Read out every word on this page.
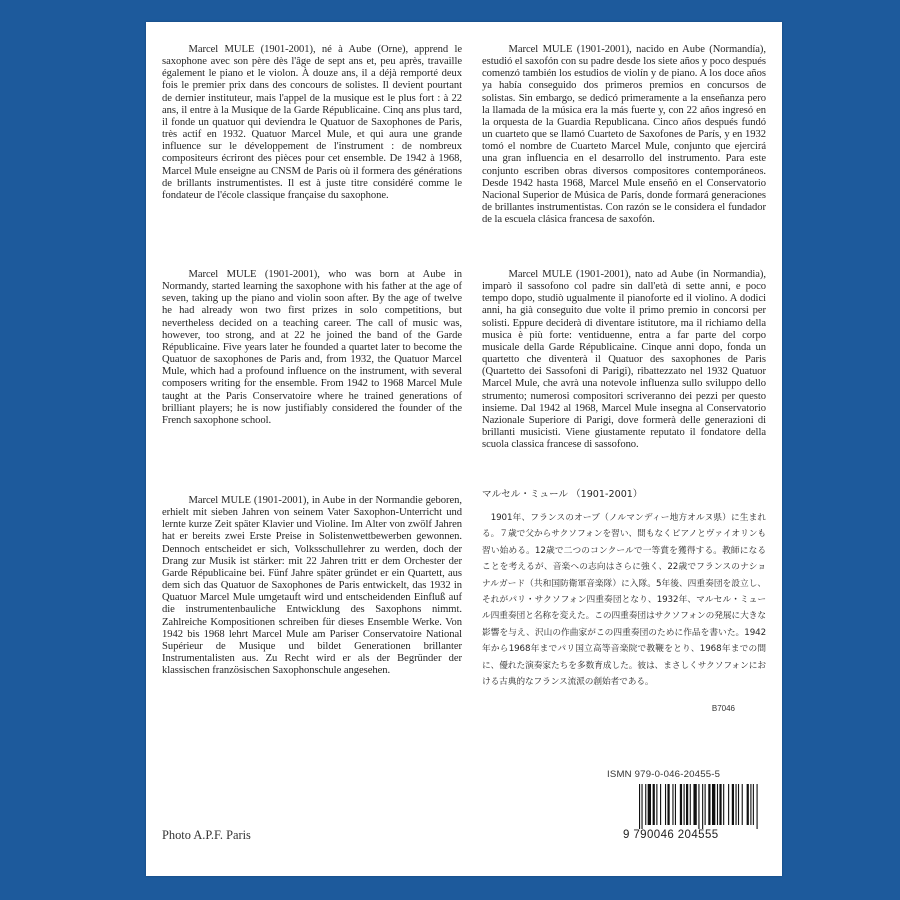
Marcel MULE (1901-2001), né à Aube (Orne), apprend le saxophone avec son père dès l'âge de sept ans et, peu après, travaille également le piano et le violon. À douze ans, il a déjà remporté deux fois le premier prix dans des concours de solistes. Il devient pourtant de dernier instituteur, mais l'appel de la musique est le plus fort : à 22 ans, il entre à la Musique de la Garde Républicaine. Cinq ans plus tard, il fonde un quatuor qui deviendra le Quatuor de Saxophones de Paris, très actif en 1932. Quatuor Marcel Mule, et qui aura une grande influence sur le développement de l'instrument : de nombreux compositeurs écriront des pièces pour cet ensemble. De 1942 à 1968, Marcel Mule enseigne au CNSM de Paris où il formera des générations de brillants instrumentistes. Il est à juste titre considéré comme le fondateur de l'école classique française du saxophone.

Marcel MULE (1901-2001), who was born at Aube in Normandy, started learning the saxophone with his father at the age of seven, taking up the piano and violin soon after. By the age of twelve he had already won two first prizes in solo competitions, but nevertheless decided on a teaching career. The call of music was, however, too strong, and at 22 he joined the band of the Garde Républicaine. Five years later he founded a quartet later to become the Quatuor de saxophones de Paris and, from 1932, the Quatuor Marcel Mule, which had a profound influence on the instrument, with several composers writing for the ensemble. From 1942 to 1968 Marcel Mule taught at the Paris Conservatoire where he trained generations of brilliant players; he is now justifiably considered the founder of the French saxophone school.

Marcel MULE (1901-2001), in Aube in der Normandie geboren, erhielt mit sieben Jahren von seinem Vater Saxophon-Unterricht und lernte kurze Zeit später Klavier und Violine. Im Alter von zwölf Jahren hat er bereits zwei Erste Preise in Solistenwettbewerben gewonnen. Dennoch entscheidet er sich, Volksschullehrer zu werden, doch der Drang zur Musik ist stärker: mit 22 Jahren tritt er dem Orchester der Garde Républicaine bei. Fünf Jahre später gründet er ein Quartett, aus dem sich das Quatuor de Saxophones de Paris entwickelt, das 1932 in Quatuor Marcel Mule umgetauft wird und entscheidenden Einfluß auf die instrumentenbauliche Entwicklung des Saxophons nimmt. Zahlreiche Kompositionen schreiben für dieses Ensemble Werke. Von 1942 bis 1968 lehrt Marcel Mule am Pariser Conservatoire National Supérieur de Musique und bildet Generationen brillanter Instrumentalisten aus. Zu Recht wird er als der Begründer der klassischen französischen Saxophonschule angesehen.

Marcel MULE (1901-2001), nacido en Aube (Normandía), estudió el saxofón con su padre desde los siete años y poco después comenzó también los estudios de violín y de piano. A los doce años ya había conseguido dos primeros premios en concursos de solistas. Sin embargo, se dedicó primeramente a la enseñanza pero la llamada de la música era la más fuerte y, con 22 años ingresó en la orquesta de la Guardia Republicana. Cinco años después fundó un cuarteto que se llamó Cuarteto de Saxofones de París, y en 1932 tomó el nombre de Cuarteto Marcel Mule, conjunto que ejercirá una gran influencia en el desarrollo del instrumento. Para este conjunto escriben obras diversos compositores contemporáneos. Desde 1942 hasta 1968, Marcel Mule enseñó en el Conservatorio Nacional Superior de Música de París, donde formará generaciones de brillantes instrumentistas. Con razón se le considera el fundador de la escuela clásica francesa de saxofón.

Marcel MULE (1901-2001), nato ad Aube (in Normandia), imparò il sassofono col padre sin dall'età di sette anni, e poco tempo dopo, studiò ugualmente il pianoforte ed il violino. A dodici anni, ha già conseguito due volte il primo premio in concorsi per solisti. Eppure deciderà di diventare istitutore, ma il richiamo della musica è più forte: ventiduenne, entra a far parte del corpo musicale della Garde Républicaine. Cinque anni dopo, fonda un quartetto che diventerà il Quatuor des saxophones de Paris (Quartetto dei Sassofoni di Parigi), ribattezzato nel 1932 Quatuor Marcel Mule, che avrà una notevole influenza sullo sviluppo dello strumento; numerosi compositori scriveranno dei pezzi per questo insieme. Dal 1942 al 1968, Marcel Mule insegna al Conservatorio Nazionale Superiore di Parigi, dove formerà delle generazioni di brillanti musicisti. Viene giustamente reputato il fondatore della scuola classica francese di sassofono.

マルセル・ミュール （1901-2001）

1901年、フランスのオーブ（ノルマンディー地方オルヌ県）に生まれる。７歳で父からサクソフォンを習い、間もなくピアノとヴァイオリンも習い始める。12歳で二つのコンクールで一等賞を獲得する。教師になることを考えるが、音楽への志向はさらに強く、22歳でフランスのナショナルガード（共和国防衛軍音楽隊）に入隊。5年後、四重奏団を設立し、それがパリ・サクソフォン四重奏団となり、1932年、マルセル・ミュール四重奏団と名称を変えた。この四重奏団はサクソフォンの発展に大きな影響を与え、沢山の作曲家がこの四重奏団のために作品を書いた。1942年から1968年までパリ国立高等音楽院で教鞭をとり、1968年までの間に、優れた演奏家たちを多数育成した。彼は、まさしくサクソフォンにおける古典的なフランス流派の創始者である。

B7046
ISMN 979-0-046-20455-5
9 790046 204555
Photo A.P.F. Paris
